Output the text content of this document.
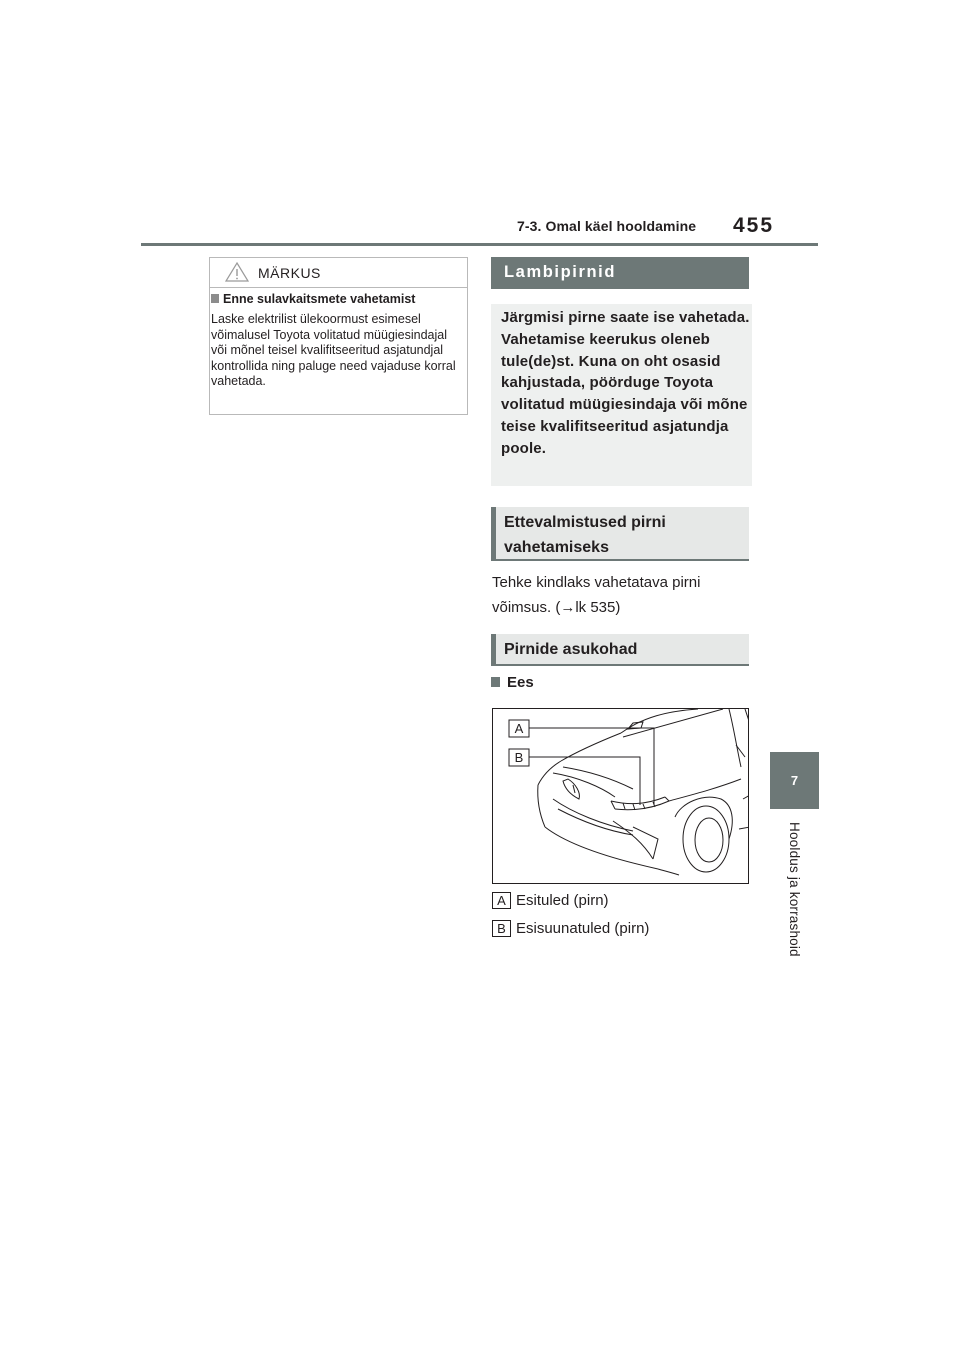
7-3. Omal käel hooldamine 455
7
Hooldus ja korrashoid
MÄRKUS
Enne sulavkaitsmete vahetamist
Laske elektrilist ülekoormust esimesel võimalusel Toyota volitatud müügiesindajal või mõnel teisel kvalifitseeritud asjatundjal kontrollida ning paluge need vajaduse korral vahetada.
Lambipirnid
Järgmisi pirne saate ise vahetada. Vahetamise keerukus oleneb tule(de)st. Kuna on oht osasid kahjustada, pöörduge Toyota volitatud müügiesindaja või mõne teise kvalifitseeritud asjatundja poole.
Ettevalmistused pirni vahetamiseks
Tehke kindlaks vahetatava pirni võimsus. (→lk 535)
Pirnide asukohad
Ees
A
B
A Esituled (pirn)
B Esisuunatuled (pirn)
